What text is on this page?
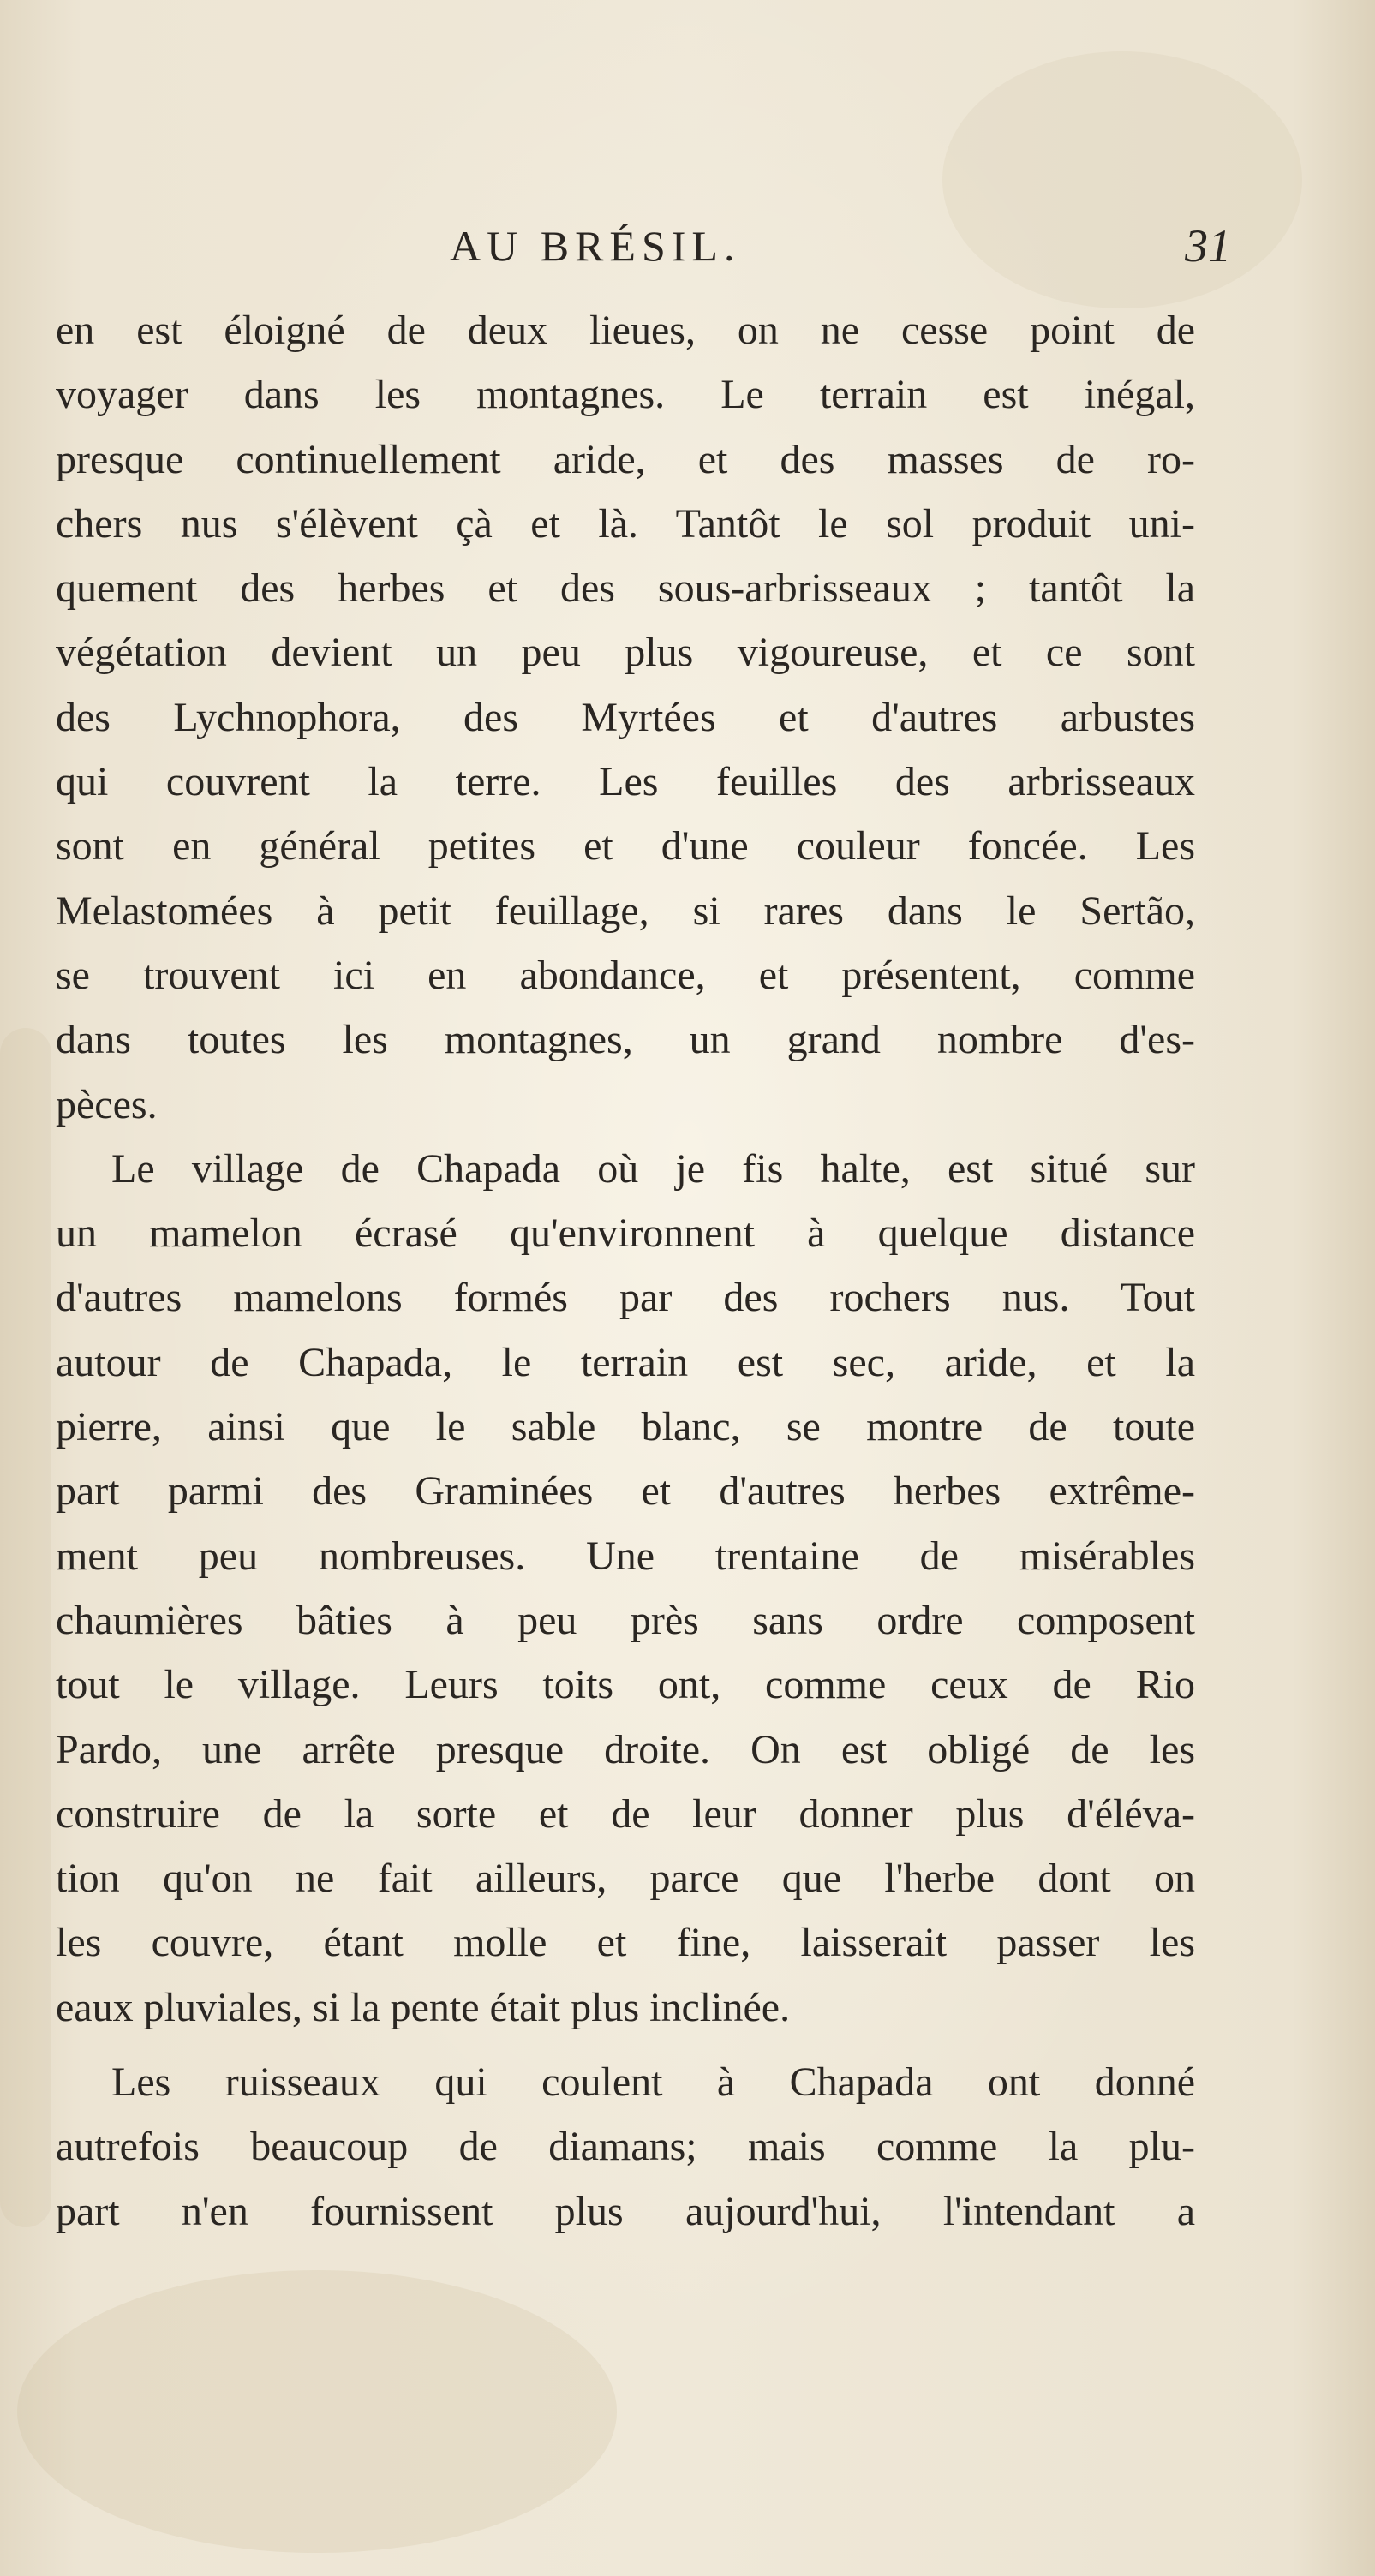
AU BRÉSIL.	31
en est éloigné de deux lieues, on ne cesse point de
voyager dans les montagnes. Le terrain est inégal,
presque continuellement aride, et des masses de ro-
chers nus s'élèvent çà et là. Tantôt le sol produit uni-
quement des herbes et des sous-arbrisseaux ; tantôt la
végétation devient un peu plus vigoureuse, et ce sont
des Lychnophora, des Myrtées et d'autres arbustes
qui couvrent la terre. Les feuilles des arbrisseaux
sont en général petites et d'une couleur foncée. Les
Melastomées à petit feuillage, si rares dans le Sertão,
se trouvent ici en abondance, et présentent, comme
dans toutes les montagnes, un grand nombre d'es-
pèces.
Le village de Chapada où je fis halte, est situé sur
un mamelon écrasé qu'environnent à quelque distance
d'autres mamelons formés par des rochers nus. Tout
autour de Chapada, le terrain est sec, aride, et la
pierre, ainsi que le sable blanc, se montre de toute
part parmi des Graminées et d'autres herbes extrême-
ment peu nombreuses. Une trentaine de misérables
chaumières bâties à peu près sans ordre composent
tout le village. Leurs toits ont, comme ceux de Rio
Pardo, une arrête presque droite. On est obligé de les
construire de la sorte et de leur donner plus d'éléva-
tion qu'on ne fait ailleurs, parce que l'herbe dont on
les couvre, étant molle et fine, laisserait passer les
eaux pluviales, si la pente était plus inclinée.
Les ruisseaux qui coulent à Chapada ont donné
autrefois beaucoup de diamans; mais comme la plu-
part n'en fournissent plus aujourd'hui, l'intendant a
